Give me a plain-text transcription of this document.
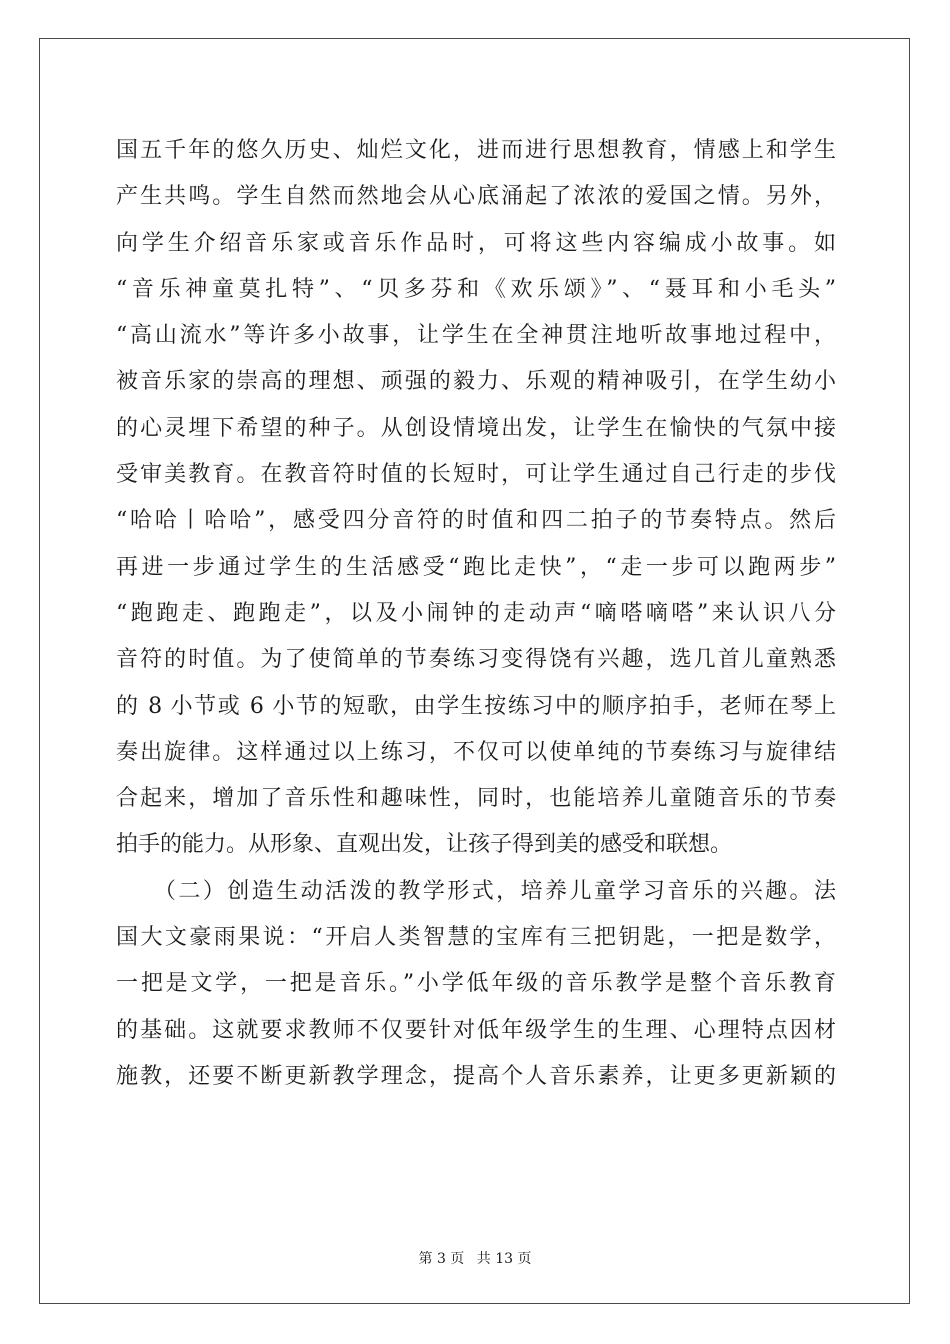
国五千年的悠久历史、灿烂文化，进而进行思想教育，情感上和学生
产生共鸣。学生自然而然地会从心底涌起了浓浓的爱国之情。另外，
向学生介绍音乐家或音乐作品时，可将这些内容编成小故事。如
“音乐神童莫扎特”、“贝多芬和《欢乐颂》”、“聂耳和小毛头”
“高山流水”等许多小故事，让学生在全神贯注地听故事地过程中，
被音乐家的崇高的理想、顽强的毅力、乐观的精神吸引，在学生幼小
的心灵埋下希望的种子。从创设情境出发，让学生在愉快的气氛中接
受审美教育。在教音符时值的长短时，可让学生通过自己行走的步伐
“哈哈丨哈哈”，感受四分音符的时值和四二拍子的节奏特点。然后
再进一步通过学生的生活感受“跑比走快”，“走一步可以跑两步”
“跑跑走、跑跑走”，以及小闹钟的走动声“嘀嗒嘀嗒”来认识八分
音符的时值。为了使简单的节奏练习变得饶有兴趣，选几首儿童熟悉
的 8 小节或 6 小节的短歌，由学生按练习中的顺序拍手，老师在琴上
奏出旋律。这样通过以上练习，不仅可以使单纯的节奏练习与旋律结
合起来，增加了音乐性和趣味性，同时，也能培养儿童随音乐的节奏
拍手的能力。从形象、直观出发，让孩子得到美的感受和联想。
　　（二）创造生动活泼的教学形式，培养儿童学习音乐的兴趣。法
国大文豪雨果说：“开启人类智慧的宝库有三把钥匙，一把是数学，
一把是文学，一把是音乐。”小学低年级的音乐教学是整个音乐教育
的基础。这就要求教师不仅要针对低年级学生的生理、心理特点因材
施教，还要不断更新教学理念，提高个人音乐素养，让更多更新颖的
第 3 页 共 13 页
